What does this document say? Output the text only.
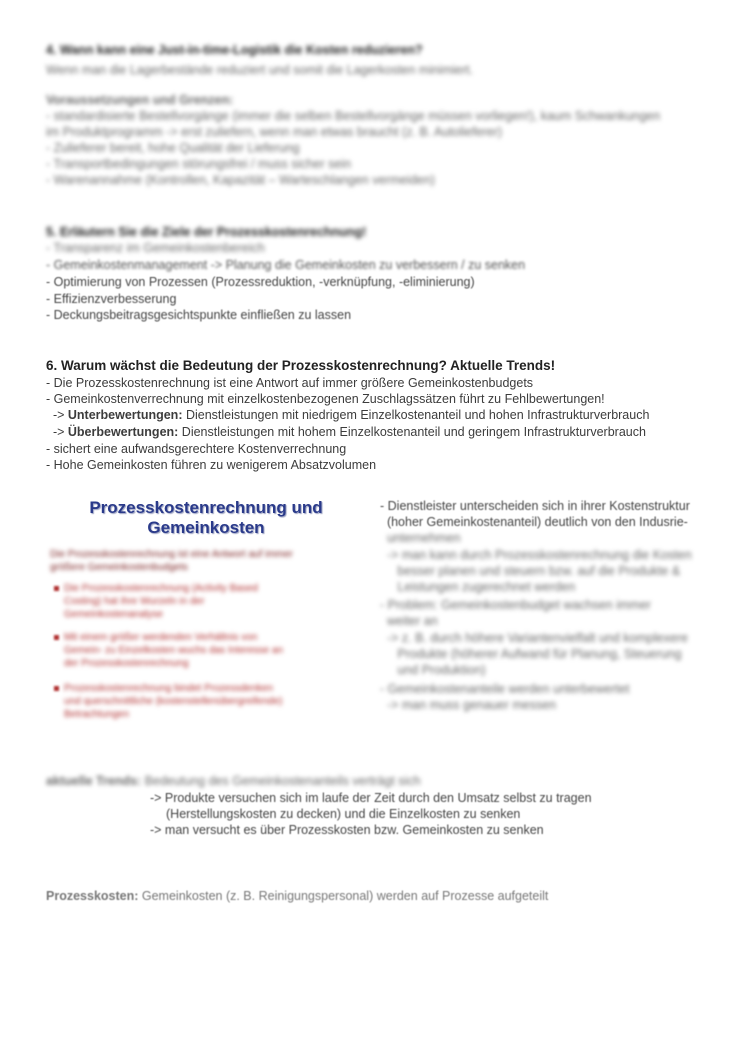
4. Wann kann eine Just-in-time-Logistik die Kosten reduzieren?
Wenn man die Lagerbestände reduziert und somit die Lagerkosten minimiert.
Voraussetzungen und Grenzen:
- standardisierte Bestellvorgänge (immer die selben Bestellvorgänge müssen vorliegen!), kaum Schwankungen
im Produktprogramm -> erst zuliefern, wenn man etwas braucht (z. B. Autolieferer)
- Zulieferer bereit, hohe Qualität der Lieferung
- Transportbedingungen störungsfrei / muss sicher sein
- Warenannahme (Kontrollen, Kapazität – Warteschlangen vermeiden)
5. Erläutern Sie die Ziele der Prozesskostenrechnung!
- Transparenz im Gemeinkostenbereich
- Gemeinkostenmanagement -> Planung die Gemeinkosten zu verbessern / zu senken
- Optimierung von Prozessen (Prozessreduktion, -verknüpfung, -eliminierung)
- Effizienzverbesserung
- Deckungsbeitragsgesichtspunkte einfließen zu lassen
6. Warum wächst die Bedeutung der Prozesskostenrechnung? Aktuelle Trends!
- Die Prozesskostenrechnung ist eine Antwort auf immer größere Gemeinkostenbudgets
- Gemeinkostenverrechnung mit einzelkostenbezogenen Zuschlagssätzen führt zu Fehlbewertungen!
-> Unterbewertungen: Dienstleistungen mit niedrigem Einzelkostenanteil und hohen Infrastrukturverbrauch
-> Überbewertungen: Dienstleistungen mit hohem Einzelkostenanteil und geringem Infrastrukturverbrauch
- sichert eine aufwandsgerechtere Kostenverrechnung
- Hohe Gemeinkosten führen zu wenigerem Absatzvolumen
Prozesskostenrechnung und
Gemeinkosten
Die Prozesskostenrechnung ist eine Antwort auf immer
größere Gemeinkostenbudgets
Die Prozesskostenrechnung (Activity Based
Costing) hat ihre Wurzeln in der
Gemeinkostenanalyse
Mit einem größer werdenden Verhältnis von
Gemein- zu Einzelkosten wuchs das Interesse an
der Prozesskostenrechnung
Prozesskostenrechnung bindet Prozessdenken
und querschnittliche (kostenstellenübergreifende)
Betrachtungen
- Dienstleister unterscheiden sich in ihrer Kostenstruktur
(hoher Gemeinkostenanteil) deutlich von den Indusrie-
unternehmen
-> man kann durch Prozesskostenrechnung die Kosten
besser planen und steuern bzw. auf die Produkte &
Leistungen zugerechnet werden
- Problem: Gemeinkostenbudget wachsen immer
weiter an
-> z. B. durch höhere Variantenvielfalt und komplexere
Produkte (höherer Aufwand für Planung, Steuerung
und Produktion)
- Gemeinkostenanteile werden unterbewertet
-> man muss genauer messen
aktuelle Trends: Bedeutung des Gemeinkostenanteils verträgt sich
-> Produkte versuchen sich im laufe der Zeit durch den Umsatz selbst zu tragen
(Herstellungskosten zu decken) und die Einzelkosten zu senken
-> man versucht es über Prozesskosten bzw. Gemeinkosten zu senken
Prozesskosten: Gemeinkosten (z. B. Reinigungspersonal) werden auf Prozesse aufgeteilt
